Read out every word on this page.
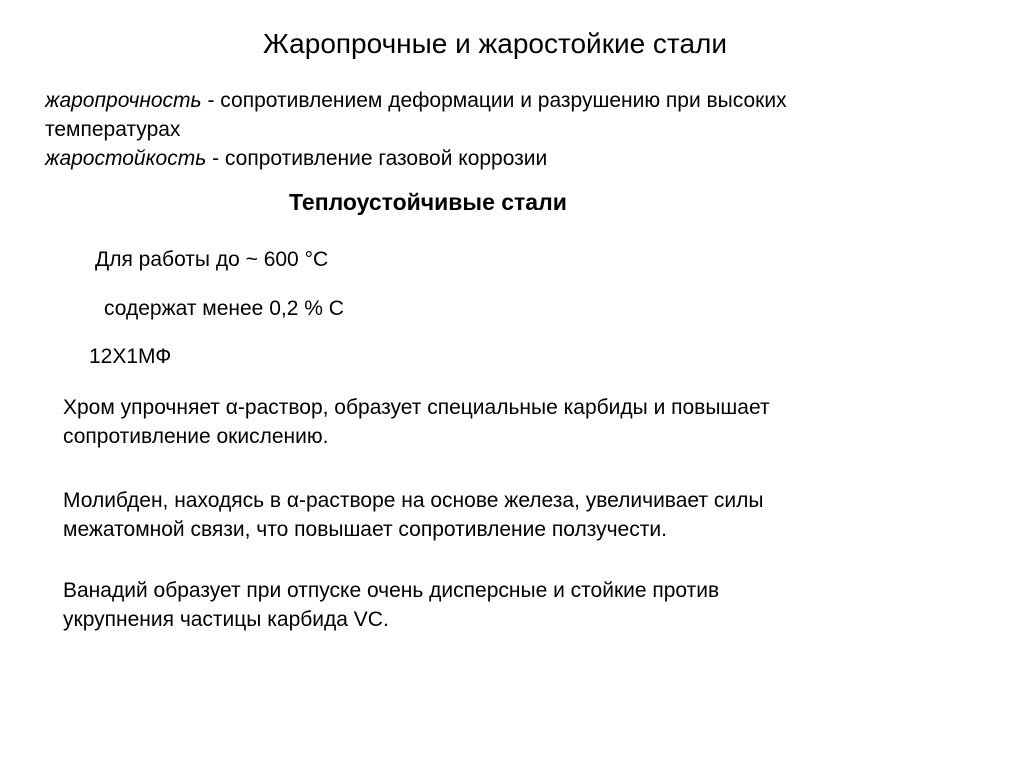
Жаропрочные и жаростойкие стали
жаропрочность - сопротивлением деформации и разрушению при высоких
температурах
жаростойкость - сопротивление газовой коррозии
Теплоустойчивые стали
Для работы до ~ 600 °С
содержат менее 0,2 % С
12Х1МФ
Хром упрочняет α-раствор, образует специальные карбиды и повышает
сопротивление окислению.
Молибден, находясь в α-растворе на основе железа, увеличивает силы
межатомной связи, что повышает сопротивление ползучести.
Ванадий образует при отпуске очень дисперсные и стойкие против
укрупнения частицы карбида VC.
